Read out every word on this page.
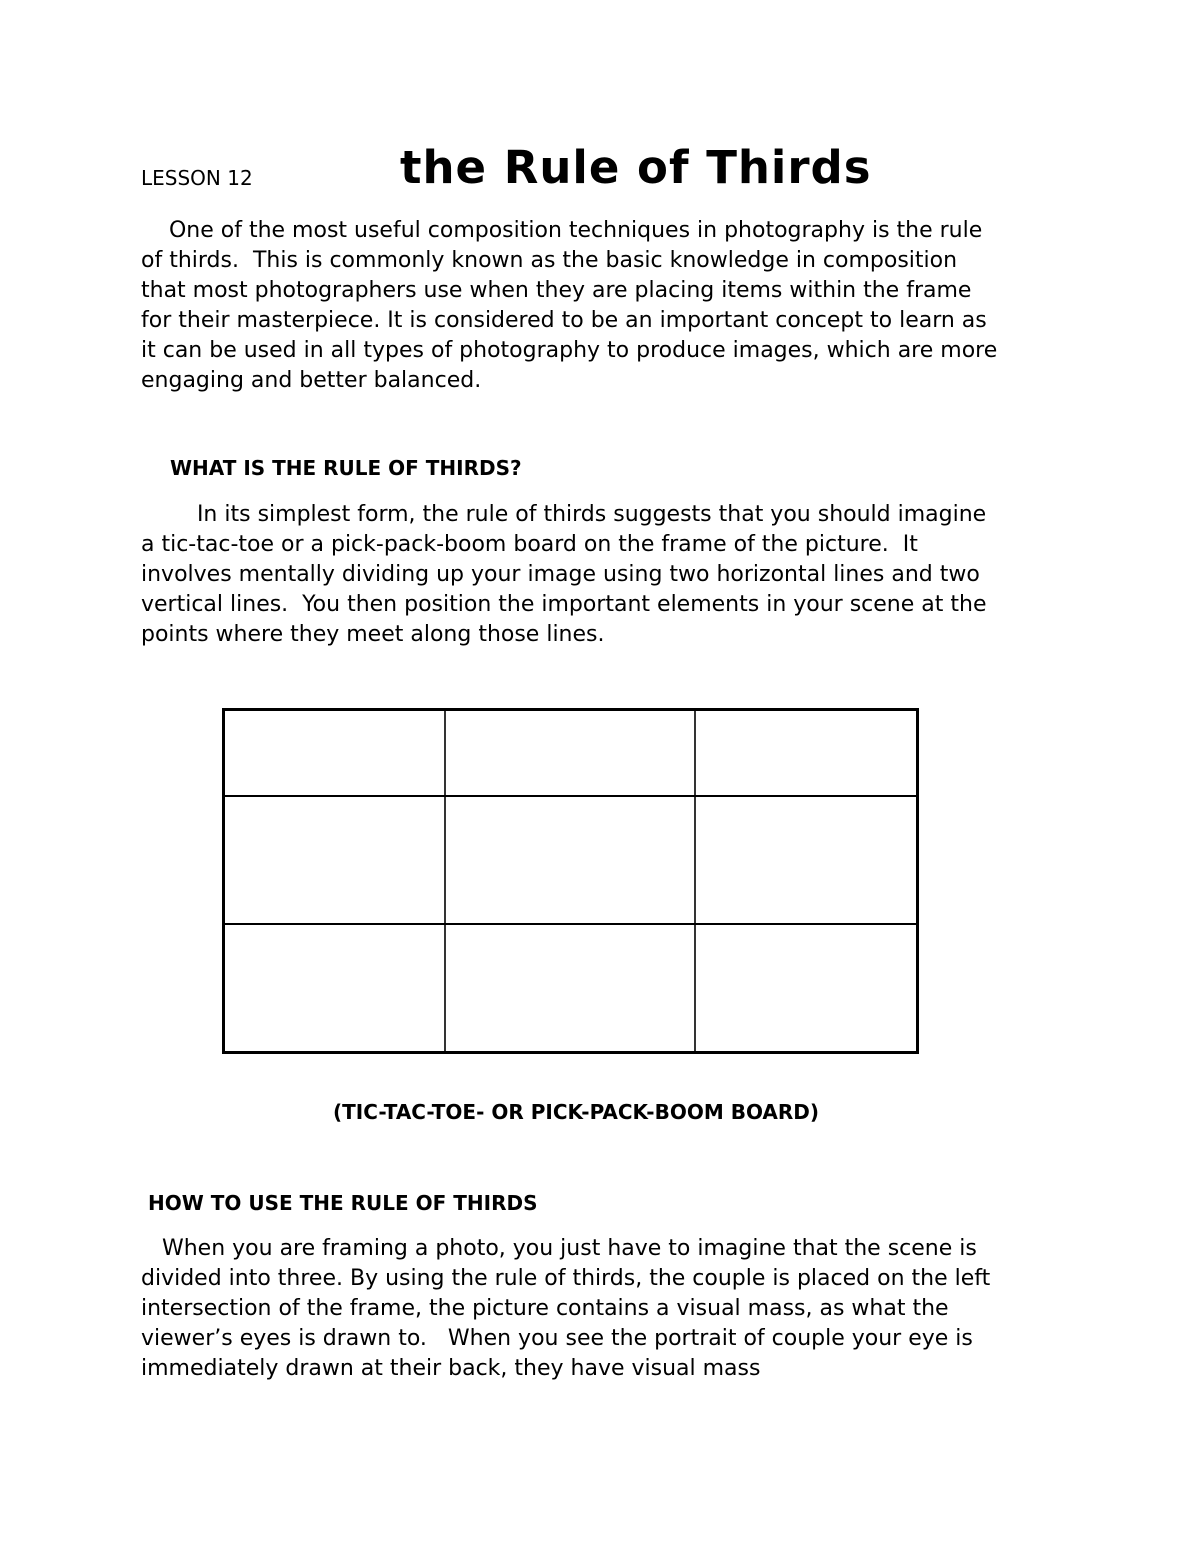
LESSON 12	the Rule of Thirds
One of the most useful composition techniques in photography is the rule
of thirds.  This is commonly known as the basic knowledge in composition
that most photographers use when they are placing items within the frame
for their masterpiece. It is considered to be an important concept to learn as
it can be used in all types of photography to produce images, which are more
engaging and better balanced.
WHAT IS THE RULE OF THIRDS?
In its simplest form, the rule of thirds suggests that you should imagine
a tic-tac-toe or a pick-pack-boom board on the frame of the picture.  It
involves mentally dividing up your image using two horizontal lines and two
vertical lines.  You then position the important elements in your scene at the
points where they meet along those lines.
(TIC-TAC-TOE- OR PICK-PACK-BOOM BOARD)
HOW TO USE THE RULE OF THIRDS
When you are framing a photo, you just have to imagine that the scene is
divided into three. By using the rule of thirds, the couple is placed on the left
intersection of the frame, the picture contains a visual mass, as what the
viewer’s eyes is drawn to.   When you see the portrait of couple your eye is
immediately drawn at their back, they have visual mass
